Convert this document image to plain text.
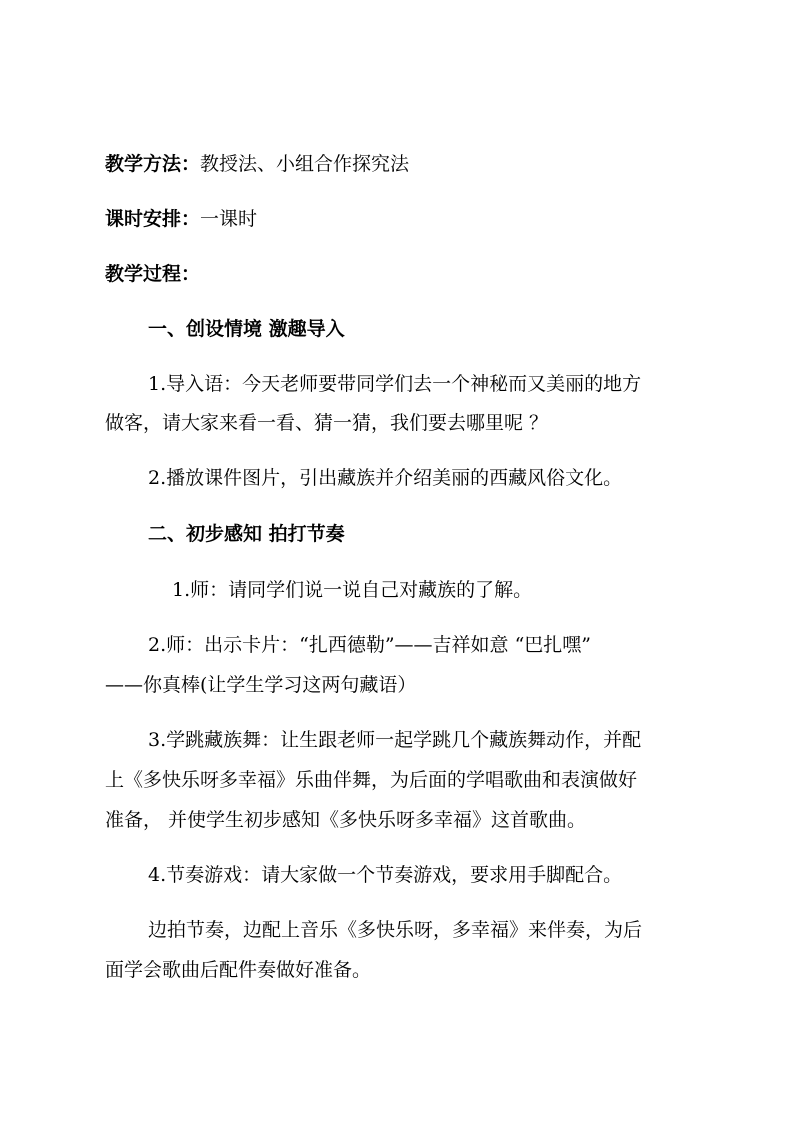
教学方法：教授法、小组合作探究法
课时安排：一课时
教学过程：
一、创设情境 激趣导入
1.导入语：今天老师要带同学们去一个神秘而又美丽的地方
做客，请大家来看一看、猜一猜，我们要去哪里呢 ？
2.播放课件图片，引出藏族并介绍美丽的西藏风俗文化。
二、初步感知 拍打节奏
1.师：请同学们说一说自己对藏族的了解。
2.师：出示卡片：“扎西德勒”——吉祥如意 “巴扎嘿”
——你真棒(让学生学习这两句藏语）
3.学跳藏族舞：让生跟老师一起学跳几个藏族舞动作，并配
上《多快乐呀多幸福》乐曲伴舞，为后面的学唱歌曲和表演做好
准备， 并使学生初步感知《多快乐呀多幸福》这首歌曲。
4.节奏游戏：请大家做一个节奏游戏，要求用手脚配合。
边拍节奏，边配上音乐《多快乐呀，多幸福》来伴奏，为后
面学会歌曲后配件奏做好准备。
